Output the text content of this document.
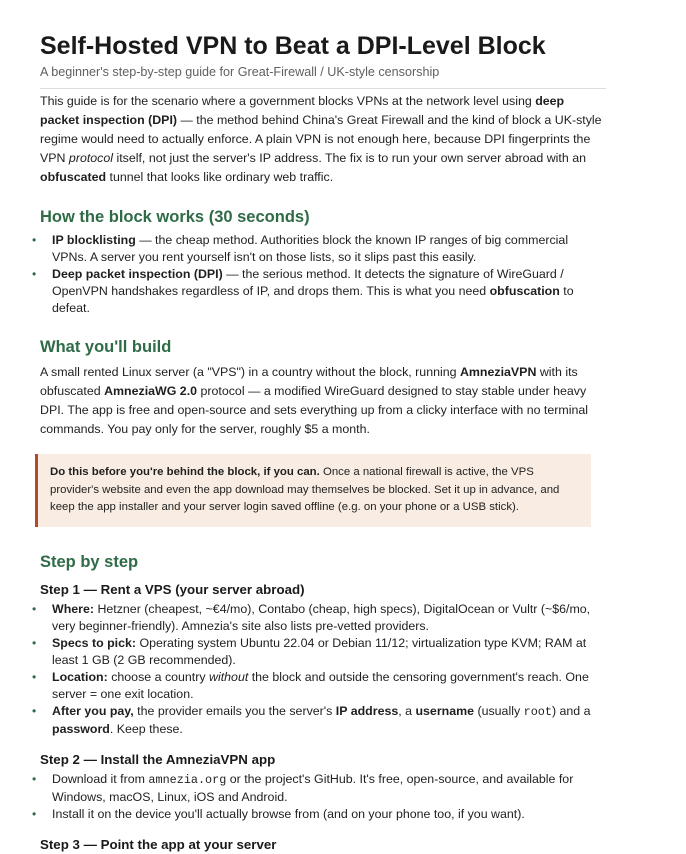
Self-Hosted VPN to Beat a DPI-Level Block
A beginner's step-by-step guide for Great-Firewall / UK-style censorship

This guide is for the scenario where a government blocks VPNs at the network level using deep packet inspection (DPI) — the method behind China's Great Firewall and the kind of block a UK-style regime would need to actually enforce. A plain VPN is not enough here, because DPI fingerprints the VPN protocol itself, not just the server's IP address. The fix is to run your own server abroad with an obfuscated tunnel that looks like ordinary web traffic.

How the block works (30 seconds)
• IP blocklisting — the cheap method. Authorities block the known IP ranges of big commercial VPNs. A server you rent yourself isn't on those lists, so it slips past this easily.
• Deep packet inspection (DPI) — the serious method. It detects the signature of WireGuard / OpenVPN handshakes regardless of IP, and drops them. This is what you need obfuscation to defeat.
What you'll build

A small rented Linux server (a "VPS") in a country without the block, running AmneziaVPN with its obfuscated AmneziaWG 2.0 protocol — a modified WireGuard designed to stay stable under heavy DPI. The app is free and open-source and sets everything up from a clicky interface with no terminal commands. You pay only for the server, roughly $5 a month.

Do this before you're behind the block, if you can. Once a national firewall is active, the VPS provider's website and even the app download may themselves be blocked. Set it up in advance, and keep the app installer and your server login saved offline (e.g. on your phone or a USB stick).

Step by step
Step 1 — Rent a VPS (your server abroad)
• Where: Hetzner (cheapest, ~€4/mo), Contabo (cheap, high specs), DigitalOcean or Vultr (~$6/mo, very beginner-friendly). Amnezia's site also lists pre-vetted providers.
• Specs to pick: Operating system Ubuntu 22.04 or Debian 11/12; virtualization type KVM; RAM at least 1 GB (2 GB recommended).
• Location: choose a country without the block and outside the censoring government's reach. One server = one exit location.
• After you pay, the provider emails you the server's IP address, a username (usually root) and a password. Keep these.
Step 2 — Install the AmneziaVPN app
• Download it from amnezia.org or the project's GitHub. It's free, open-source, and available for Windows, macOS, Linux, iOS and Android.
• Install it on the device you'll actually browse from (and on your phone too, if you want).
Step 3 — Point the app at your server
